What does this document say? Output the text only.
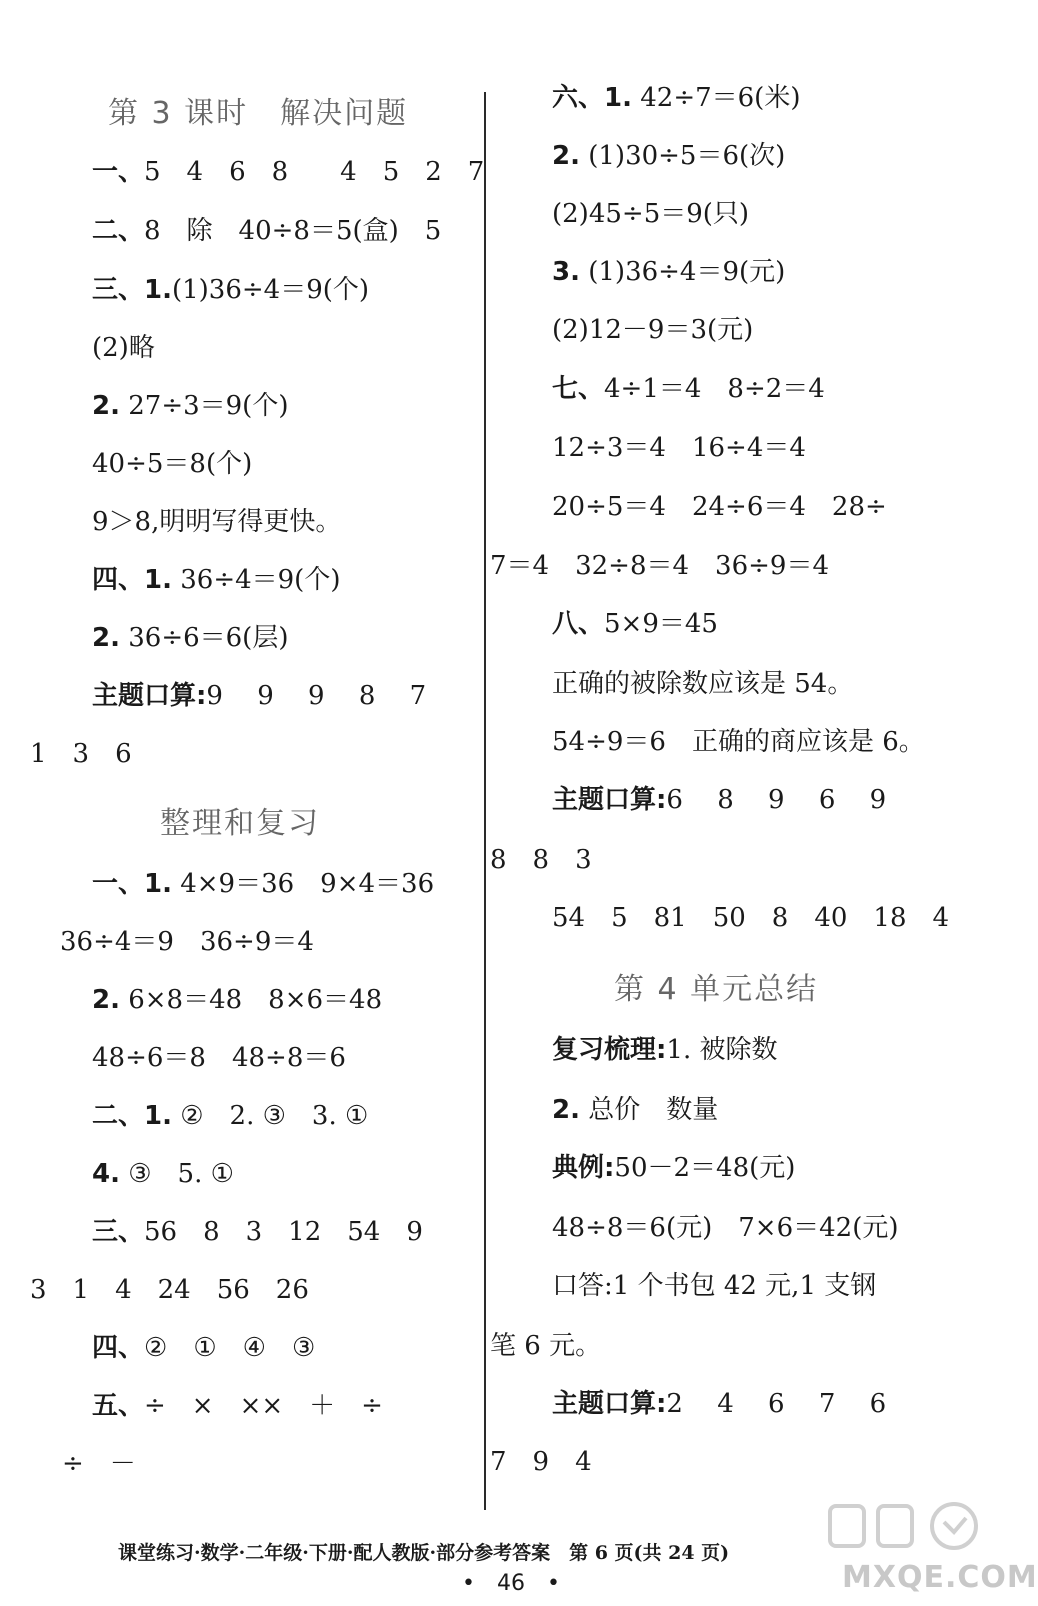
第 3 课时　解决问题
一、5　4　6　8　　4　5　2　7
二、8　除　40÷8＝5(盒)　5
三、1.(1)36÷4＝9(个)
(2)略
2. 27÷3＝9(个)
40÷5＝8(个)
9＞8,明明写得更快。
四、1. 36÷4＝9(个)
2. 36÷6＝6(层)
主题口算:9　 9　 9　 8　 7
1　3　6
整理和复习
一、1. 4×9＝36　9×4＝36
36÷4＝9　36÷9＝4
2. 6×8＝48　8×6＝48
48÷6＝8　48÷8＝6
二、1. ②　2. ③　3. ①
4. ③　5. ①
三、56　8　3　12　54　9
3　1　4　24　56　26
四、②　①　④　③
五、÷　×　××　＋　÷
÷　－
六、1. 42÷7＝6(米)
2. (1)30÷5＝6(次)
(2)45÷5＝9(只)
3. (1)36÷4＝9(元)
(2)12－9＝3(元)
七、4÷1＝4　8÷2＝4
12÷3＝4　16÷4＝4
20÷5＝4　24÷6＝4　28÷
7＝4　32÷8＝4　36÷9＝4
八、5×9＝45
正确的被除数应该是 54。
54÷9＝6　正确的商应该是 6。
主题口算:6　 8　 9　 6　 9
8　8　3
54　5　81　50　8　40　18　4
第 4 单元总结
复习梳理:1. 被除数
2. 总价　数量
典例:50－2＝48(元)
48÷8＝6(元)　7×6＝42(元)
口答:1 个书包 42 元,1 支钢
笔 6 元。
主题口算:2　 4　 6　 7　 6
7　9　4
课堂练习·数学·二年级·下册·配人教版·部分参考答案　第 6 页(共 24 页)
•　46　•	MXQE.COM
